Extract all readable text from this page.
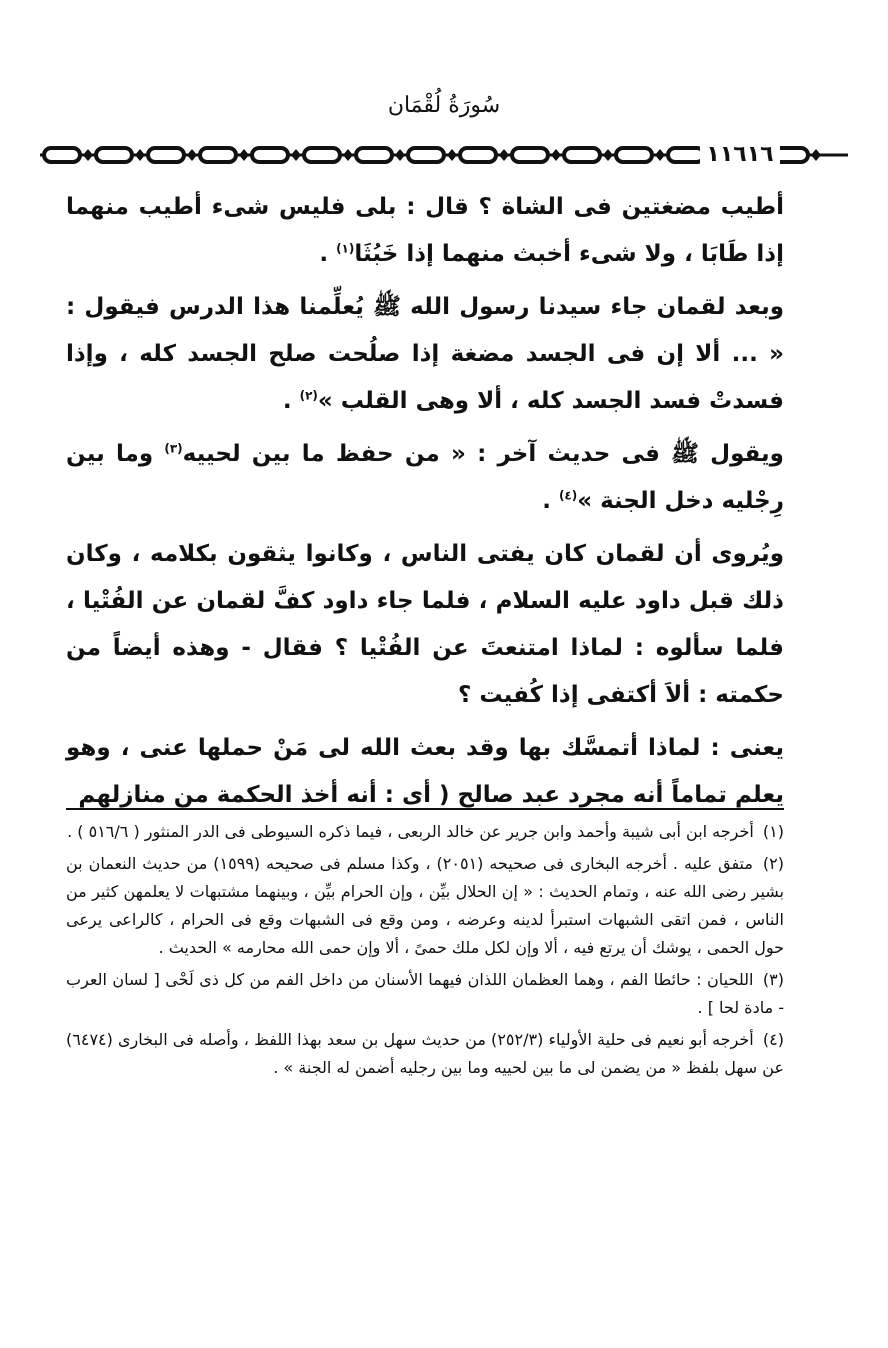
سُورَةُ لُقْمَان
١١٦١٦

أطيب مضغتين فى الشاة ؟ قال : بلى فليس شىء أطيب منهما إذا طَابَا ، ولا شىء أخبث منهما إذا خَبُثَا$^{(١)}$ .

وبعد لقمان جاء سيدنا رسول الله ﷺ يُعلِّمنا هذا الدرس فيقول : « ... ألا إن فى الجسد مضغة إذا صلُحت صلح الجسد كله ، وإذا فسدتْ فسد الجسد كله ، ألا وهى القلب »$^{(٢)}$ .

ويقول ﷺ فى حديث آخر : « من حفظ ما بين لحييه$^{(٣)}$ وما بين رِجْليه دخل الجنة »$^{(٤)}$ .

ويُروى أن لقمان كان يفتى الناس ، وكانوا يثقون بكلامه ، وكان ذلك قبل داود عليه السلام ، فلما جاء داود كفَّ لقمان عن الفُتْيا ، فلما سألوه : لماذا امتنعتَ عن الفُتْيا ؟ فقال - وهذه أيضاً من حكمته : ألاَ أكتفى إذا كُفيت ؟

يعنى : لماذا أتمسَّك بها وقد بعث الله لى مَنْ حملها عنى ، وهو يعلم تماماً أنه مجرد عبد صالح ( أى : أنه أخذ الحكمة من منازلهم

(١) أخرجه ابن أبى شيبة وأحمد وابن جرير عن خالد الربعى ، فيما ذكره السيوطى فى الدر المنثور ( ٥١٦/٦ ) .
(٢) متفق عليه . أخرجه البخارى فى صحيحه (٢٠٥١) ، وكذا مسلم فى صحيحه (١٥٩٩) من حديث النعمان بن بشير رضى الله عنه ، وتمام الحديث : « إن الحلال بيِّن ، وإن الحرام بيِّن ، وبينهما مشتبهات لا يعلمهن كثير من الناس ، فمن اتقى الشبهات استبرأ لدينه وعرضه ، ومن وقع فى الشبهات وقع فى الحرام ، كالراعى يرعى حول الحمى ، يوشك أن يرتع فيه ، ألا وإن لكل ملك حمىً ، ألا وإن حمى الله محارمه » الحديث .
(٣) اللحيان : حائطا الفم ، وهما العظمان اللذان فيهما الأسنان من داخل الفم من كل ذى لَحْى [ لسان العرب - مادة لحا ] .
(٤) أخرجه أبو نعيم فى حلية الأولياء (٢٥٢/٣) من حديث سهل بن سعد بهذا اللفظ ، وأصله فى البخارى (٦٤٧٤) عن سهل بلفظ « من يضمن لى ما بين لحييه وما بين رجليه أضمن له الجنة » .
